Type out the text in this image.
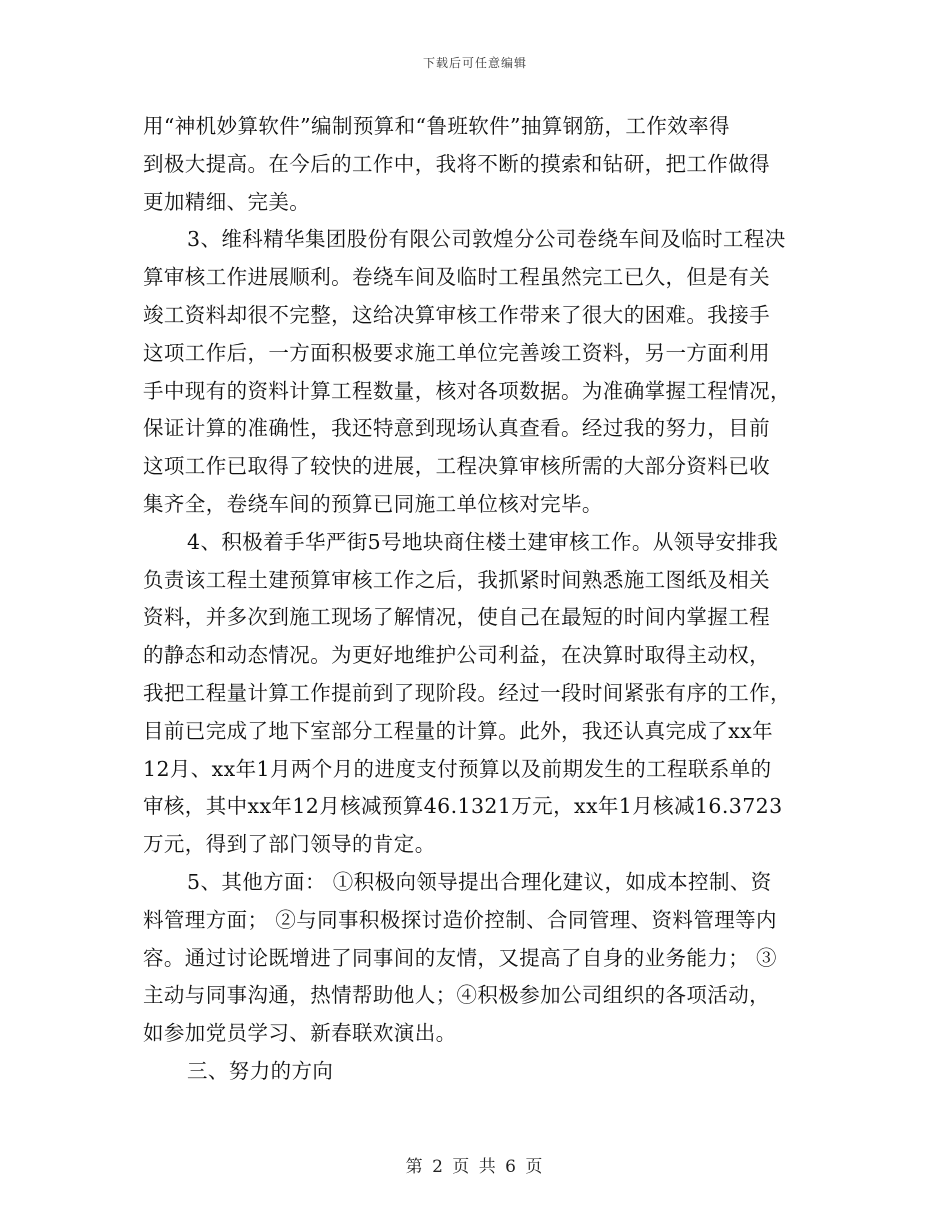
下载后可任意编辑
用“神机妙算软件”编制预算和“鲁班软件”抽算钢筋，工作效率得
到极大提高。在今后的工作中，我将不断的摸索和钻研，把工作做得
更加精细、完美。
3、维科精华集团股份有限公司敦煌分公司卷绕车间及临时工程决
算审核工作进展顺利。卷绕车间及临时工程虽然完工已久，但是有关
竣工资料却很不完整，这给决算审核工作带来了很大的困难。我接手
这项工作后，一方面积极要求施工单位完善竣工资料，另一方面利用
手中现有的资料计算工程数量，核对各项数据。为准确掌握工程情况，
保证计算的准确性，我还特意到现场认真查看。经过我的努力，目前
这项工作已取得了较快的进展，工程决算审核所需的大部分资料已收
集齐全，卷绕车间的预算已同施工单位核对完毕。
4、积极着手华严街5号地块商住楼土建审核工作。从领导安排我
负责该工程土建预算审核工作之后，我抓紧时间熟悉施工图纸及相关
资料，并多次到施工现场了解情况，使自己在最短的时间内掌握工程
的静态和动态情况。为更好地维护公司利益，在决算时取得主动权，
我把工程量计算工作提前到了现阶段。经过一段时间紧张有序的工作，
目前已完成了地下室部分工程量的计算。此外，我还认真完成了xx年
12月、xx年1月两个月的进度支付预算以及前期发生的工程联系单的
审核，其中xx年12月核减预算46.1321万元，xx年1月核减16.3723
万元，得到了部门领导的肯定。
5、其他方面： ①积极向领导提出合理化建议，如成本控制、资
料管理方面； ②与同事积极探讨造价控制、合同管理、资料管理等内
容。通过讨论既增进了同事间的友情，又提高了自身的业务能力； ③
主动与同事沟通，热情帮助他人；④积极参加公司组织的各项活动，
如参加党员学习、新春联欢演出。
三、努力的方向
第 2 页 共 6 页
